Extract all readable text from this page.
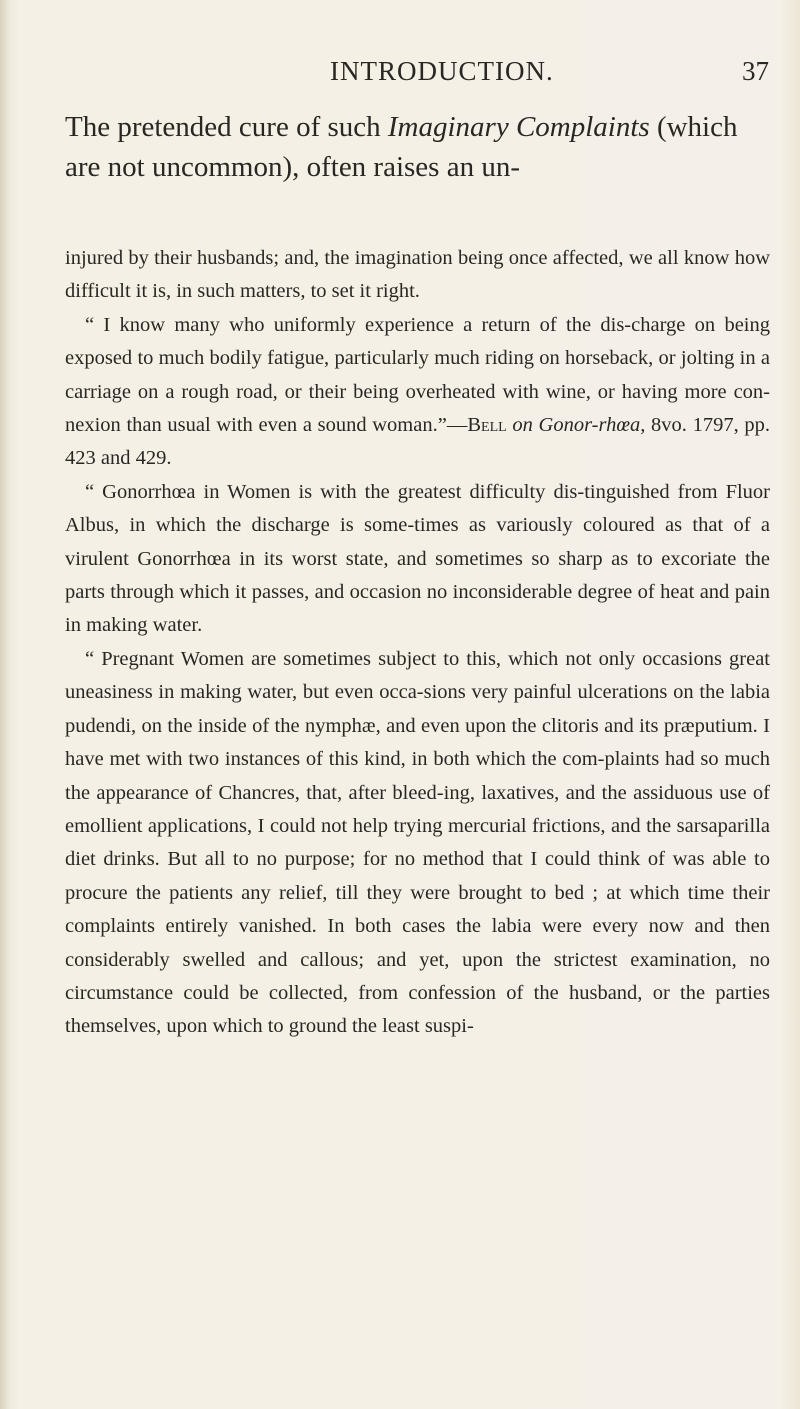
INTRODUCTION.	37

The pretended cure of such Imaginary Complaints (which are not uncommon), often raises an un-

injured by their husbands; and, the imagination being once affected, we all know how difficult it is, in such matters, to set it right.

“ I know many who uniformly experience a return of the dis-charge on being exposed to much bodily fatigue, particularly much riding on horseback, or jolting in a carriage on a rough road, or their being overheated with wine, or having more con-nexion than usual with even a sound woman.”—Bell on Gonor-rhœa, 8vo. 1797, pp. 423 and 429.

“ Gonorrhœa in Women is with the greatest difficulty dis-tinguished from Fluor Albus, in which the discharge is some-times as variously coloured as that of a virulent Gonorrhœa in its worst state, and sometimes so sharp as to excoriate the parts through which it passes, and occasion no inconsiderable degree of heat and pain in making water.

“ Pregnant Women are sometimes subject to this, which not only occasions great uneasiness in making water, but even occa-sions very painful ulcerations on the labia pudendi, on the inside of the nymphæ, and even upon the clitoris and its præputium. I have met with two instances of this kind, in both which the com-plaints had so much the appearance of Chancres, that, after bleed-ing, laxatives, and the assiduous use of emollient applications, I could not help trying mercurial frictions, and the sarsaparilla diet drinks. But all to no purpose; for no method that I could think of was able to procure the patients any relief, till they were brought to bed ; at which time their complaints entirely vanished. In both cases the labia were every now and then considerably swelled and callous; and yet, upon the strictest examination, no circumstance could be collected, from confession of the husband, or the parties themselves, upon which to ground the least suspi-
